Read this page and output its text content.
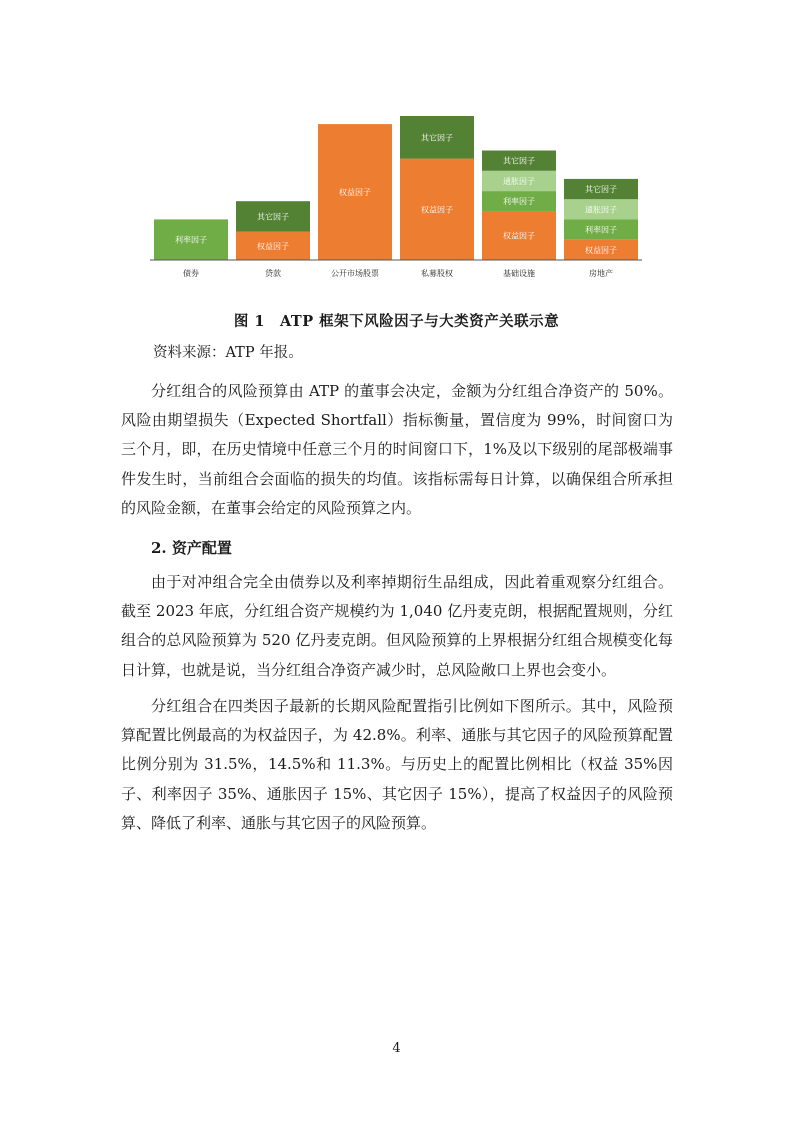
利率因子
债券
权益因子
其它因子
贷款
权益因子
公开市场股票
权益因子
其它因子
私募股权
权益因子
利率因子
通胀因子
其它因子
基础设施
权益因子
利率因子
通胀因子
其它因子
房地产
图 1　ATP 框架下风险因子与大类资产关联示意
资料来源：ATP 年报。

分红组合的风险预算由 ATP 的董事会决定，金额为分红组合净资产的 50%。风险由期望损失（Expected Shortfall）指标衡量，置信度为 99%，时间窗口为三个月，即，在历史情境中任意三个月的时间窗口下，1%及以下级别的尾部极端事件发生时，当前组合会面临的损失的均值。该指标需每日计算，以确保组合所承担的风险金额，在董事会给定的风险预算之内。

2. 资产配置

由于对冲组合完全由债券以及利率掉期衍生品组成，因此着重观察分红组合。截至 2023 年底，分红组合资产规模约为 1,040 亿丹麦克朗，根据配置规则，分红组合的总风险预算为 520 亿丹麦克朗。但风险预算的上界根据分红组合规模变化每日计算，也就是说，当分红组合净资产减少时，总风险敞口上界也会变小。

分红组合在四类因子最新的长期风险配置指引比例如下图所示。其中，风险预算配置比例最高的为权益因子，为 42.8%。利率、通胀与其它因子的风险预算配置比例分别为 31.5%，14.5%和 11.3%。与历史上的配置比例相比（权益 35%因子、利率因子 35%、通胀因子 15%、其它因子 15%），提高了权益因子的风险预算、降低了利率、通胀与其它因子的风险预算。

4
